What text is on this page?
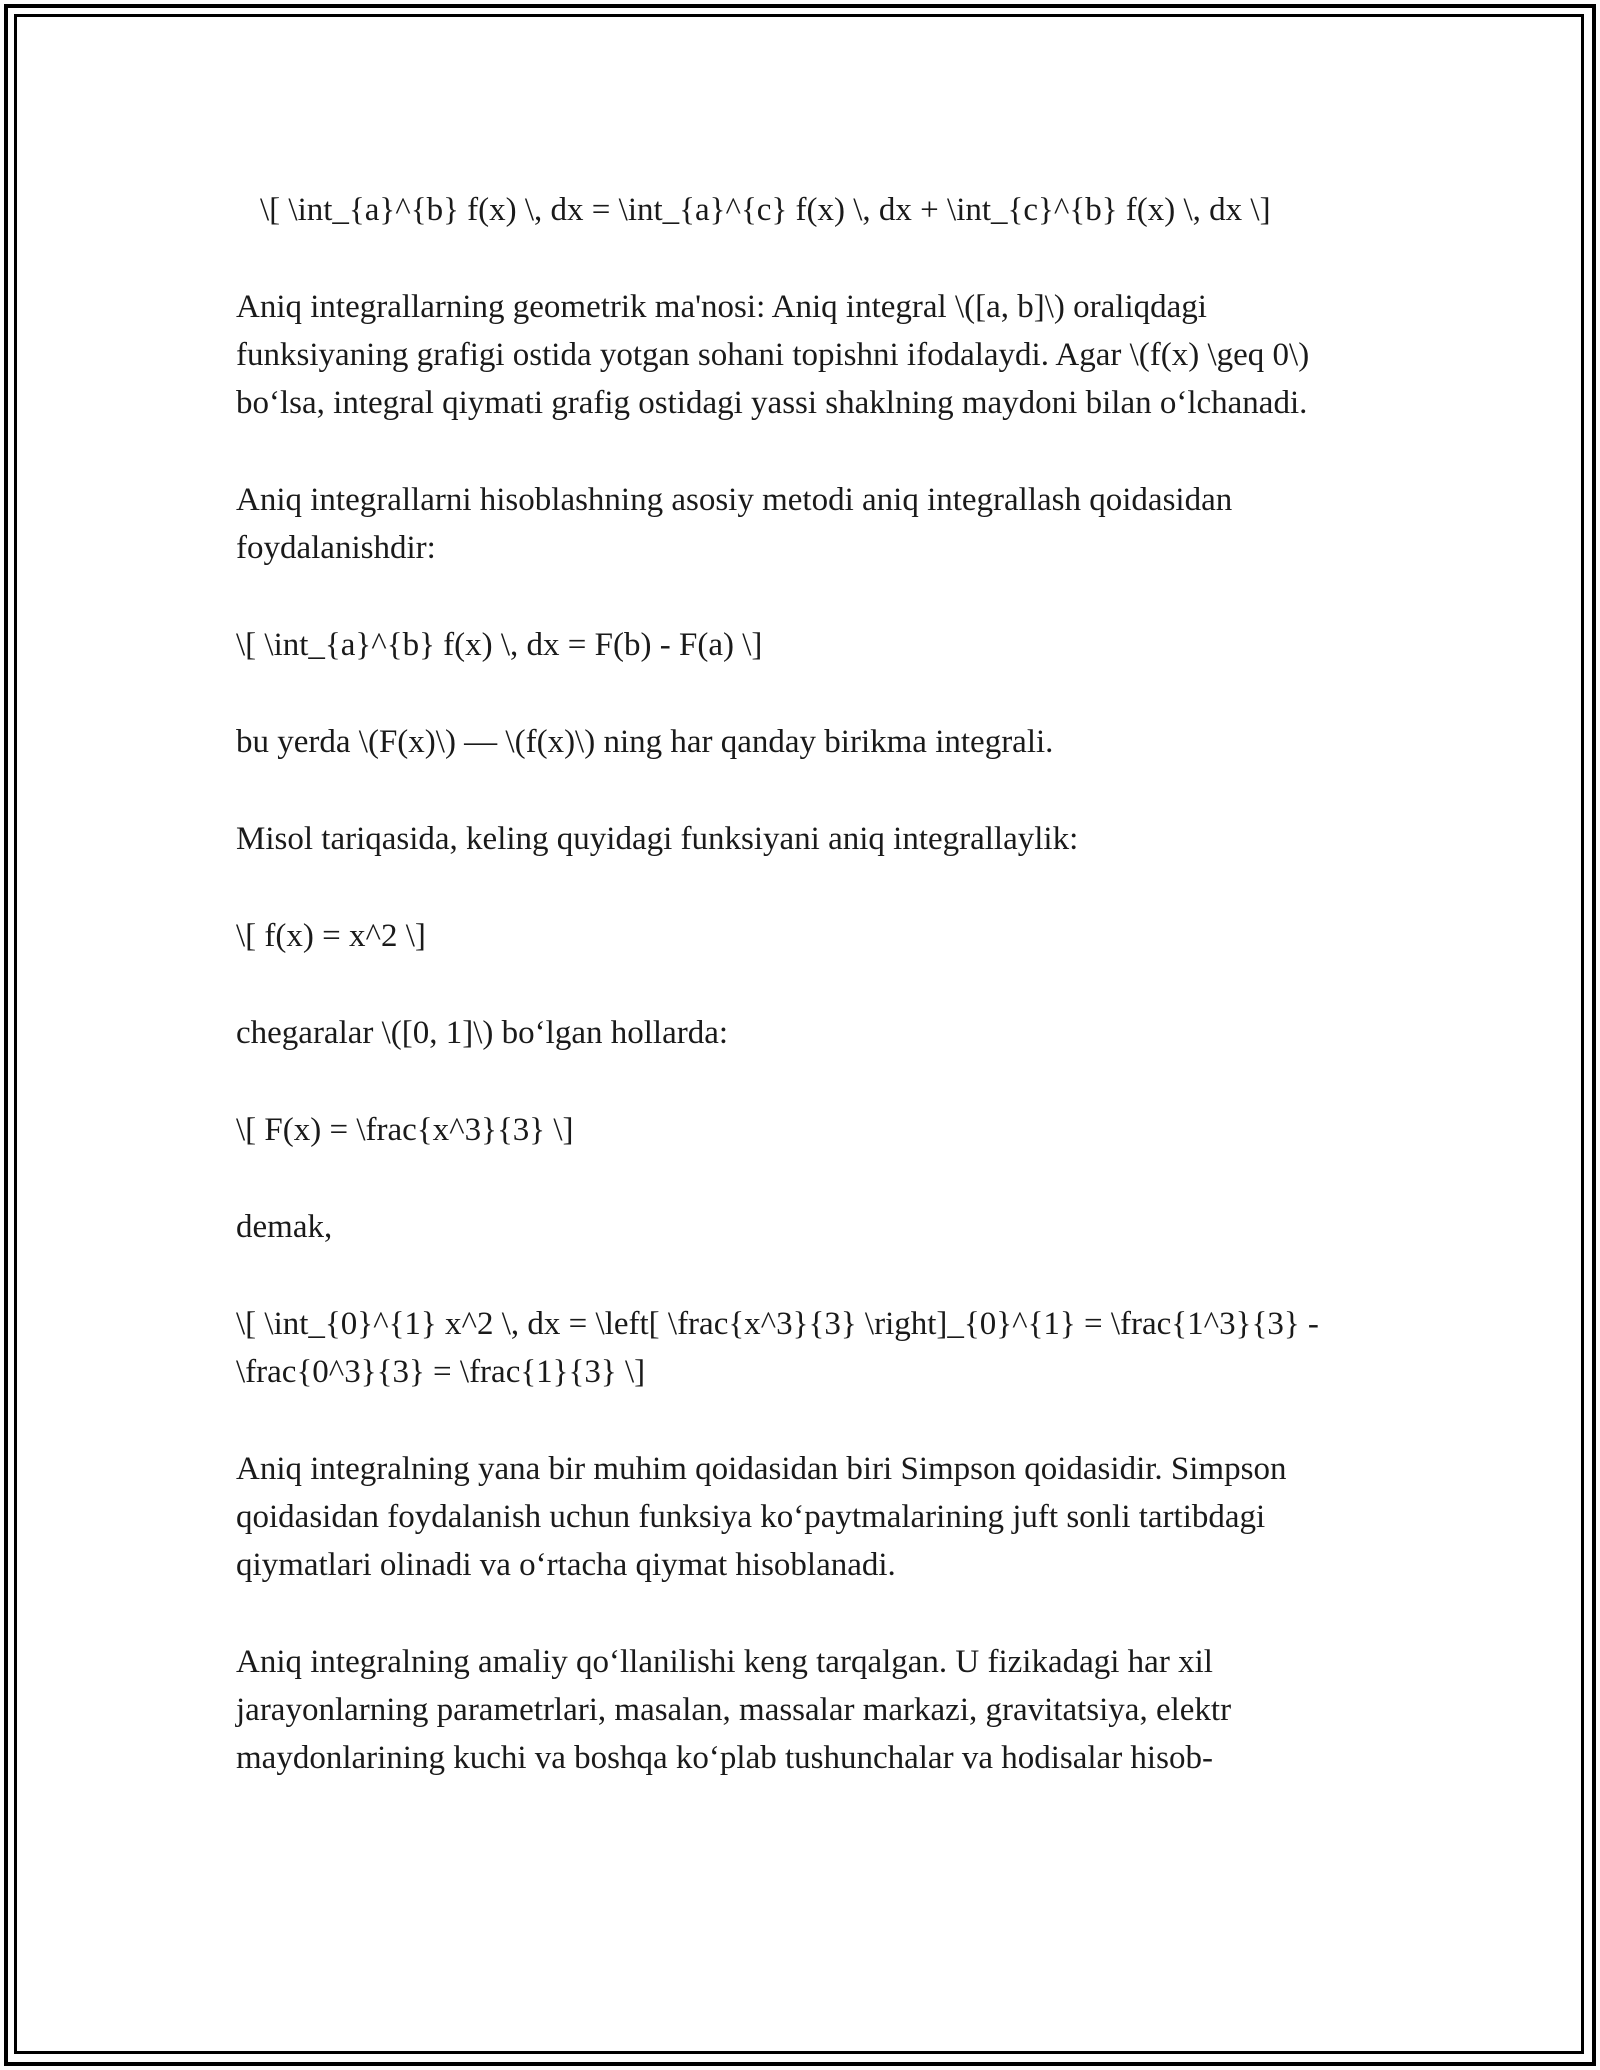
\[ \int_{a}^{b} f(x) \, dx = \int_{a}^{c} f(x) \, dx + \int_{c}^{b} f(x) \, dx \]

Aniq integrallarning geometrik ma'nosi: Aniq integral \([a, b]\) oraliqdagi funksiyaning grafigi ostida yotgan sohani topishni ifodalaydi. Agar \(f(x) \geq 0\) bo‘lsa, integral qiymati grafig ostidagi yassi shaklning maydoni bilan o‘lchanadi.

Aniq integrallarni hisoblashning asosiy metodi aniq integrallash qoidasidan foydalanishdir:

\[ \int_{a}^{b} f(x) \, dx = F(b) - F(a) \]

bu yerda \(F(x)\) — \(f(x)\) ning har qanday birikma integrali.

Misol tariqasida, keling quyidagi funksiyani aniq integrallaylik:

\[ f(x) = x^2 \]

chegaralar \([0, 1]\) bo‘lgan hollarda:

\[ F(x) = \frac{x^3}{3} \]

demak,

\[ \int_{0}^{1} x^2 \, dx = \left[ \frac{x^3}{3} \right]_{0}^{1} = \frac{1^3}{3} - \frac{0^3}{3} = \frac{1}{3} \]

Aniq integralning yana bir muhim qoidasidan biri Simpson qoidasidir. Simpson qoidasidan foydalanish uchun funksiya ko‘paytmalarining juft sonli tartibdagi qiymatlari olinadi va o‘rtacha qiymat hisoblanadi.

Aniq integralning amaliy qo‘llanilishi keng tarqalgan. U fizikadagi har xil jarayonlarning parametrlari, masalan, massalar markazi, gravitatsiya, elektr maydonlarining kuchi va boshqa ko‘plab tushunchalar va hodisalar hisob-
